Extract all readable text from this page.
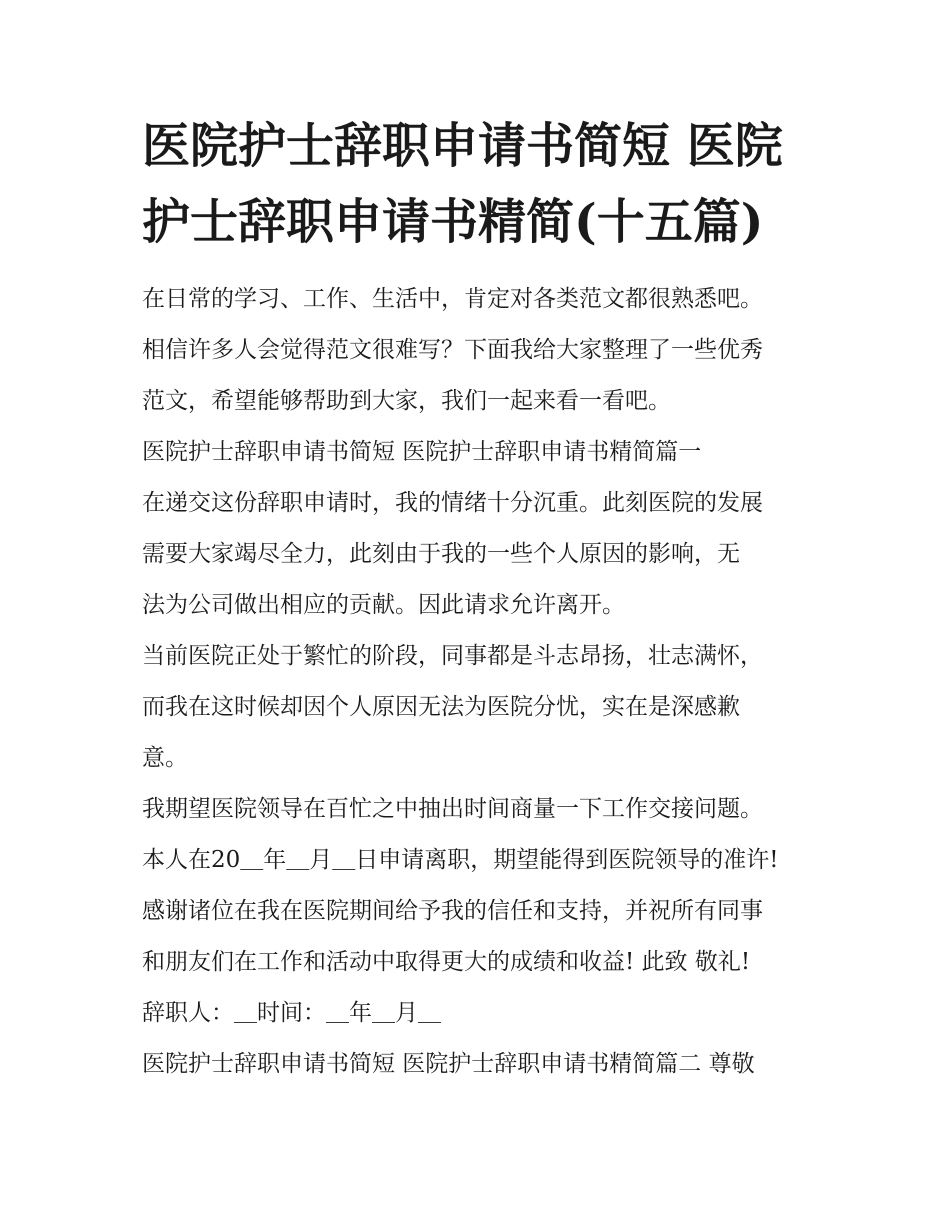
医院护士辞职申请书简短 医院
护士辞职申请书精简(十五篇)
在日常的学习、工作、生活中，肯定对各类范文都很熟悉吧。
相信许多人会觉得范文很难写？下面我给大家整理了一些优秀
范文，希望能够帮助到大家，我们一起来看一看吧。
医院护士辞职申请书简短 医院护士辞职申请书精简篇一
在递交这份辞职申请时，我的情绪十分沉重。此刻医院的发展
需要大家竭尽全力，此刻由于我的一些个人原因的影响，无
法为公司做出相应的贡献。因此请求允许离开。
当前医院正处于繁忙的阶段，同事都是斗志昂扬，壮志满怀，
而我在这时候却因个人原因无法为医院分忧，实在是深感歉
意。
我期望医院领导在百忙之中抽出时间商量一下工作交接问题。
本人在20＿年＿月＿日申请离职，期望能得到医院领导的准许!
感谢诸位在我在医院期间给予我的信任和支持，并祝所有同事
和朋友们在工作和活动中取得更大的成绩和收益! 此致 敬礼!
辞职人：＿时间：＿年＿月＿
医院护士辞职申请书简短 医院护士辞职申请书精简篇二 尊敬
